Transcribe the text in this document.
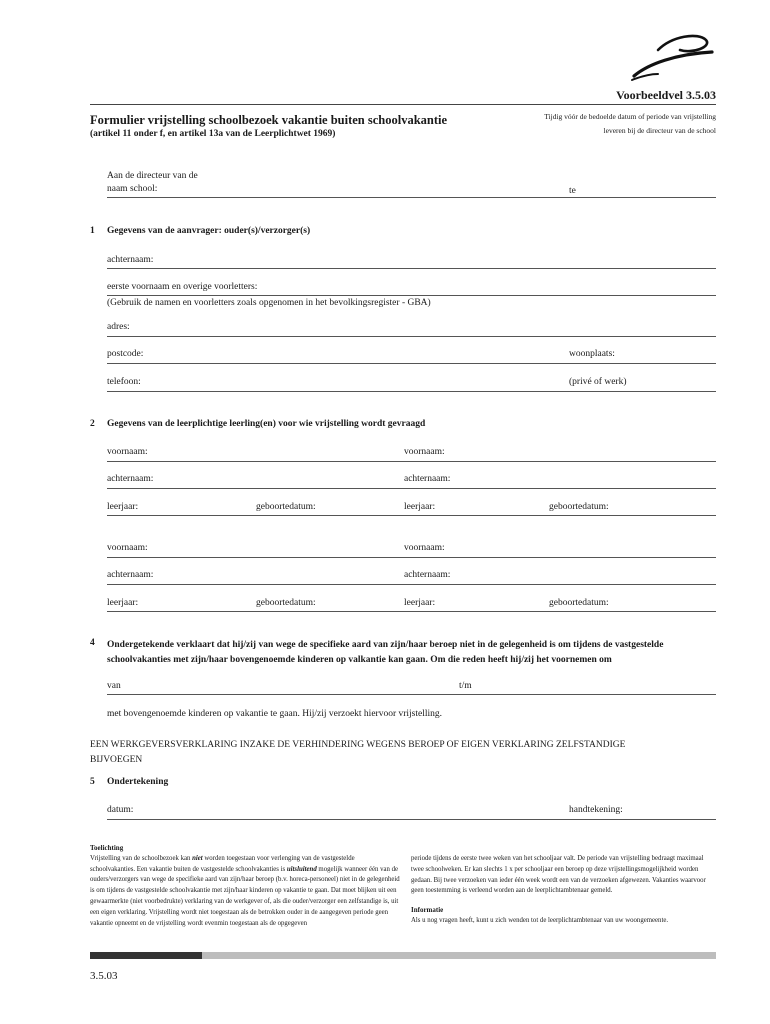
Voorbeeldvel 3.5.03
Formulier vrijstelling schoolbezoek vakantie buiten schoolvakantie
(artikel 11 onder f, en artikel 13a van de Leerplichtwet 1969)
Tijdig vóór de bedoelde datum of periode van vrijstelling
leveren bij de directeur van de school
Aan de directeur van de
naam school:	te
1 Gegevens van de aanvrager: ouder(s)/verzorger(s)
achternaam:
eerste voornaam en overige voorletters:
(Gebruik de namen en voorletters zoals opgenomen in het bevolkingsregister - GBA)
adres:
postcode:	woonplaats:
telefoon:	(privé of werk)
2 Gegevens van de leerplichtige leerling(en) voor wie vrijstelling wordt gevraagd
voornaam:	voornaam:
achternaam:	achternaam:
leerjaar:	geboortedatum:	leerjaar:	geboortedatum:
voornaam:	voornaam:
achternaam:	achternaam:
leerjaar:	geboortedatum:	leerjaar:	geboortedatum:
4 Ondergetekende verklaart dat hij/zij van wege de specifieke aard van zijn/haar beroep niet in de gelegenheid is om tijdens de vastgestelde schoolvakanties met zijn/haar bovengenoemde kinderen op valkantie kan gaan. Om die reden heeft hij/zij het voornemen om
van	t/m
met bovengenoemde kinderen op vakantie te gaan. Hij/zij verzoekt hiervoor vrijstelling.
EEN WERKGEVERSVERKLARING INZAKE DE VERHINDERING WEGENS BEROEP OF EIGEN VERKLARING ZELFSTANDIGE BIJVOEGEN
5 Ondertekening
datum:	handtekening:
Toelichting
Vrijstelling van de schoolbezoek kan niet worden toegestaan voor verlenging van de vastgestelde schoolvakanties. Een vakantie buiten de vastgestelde schoolvakanties is uitsluitend mogelijk wanneer één van de ouders/verzorgers van wege de specifieke aard van zijn/haar beroep (b.v. horeca-personeel) niet in de gelegenheid is om tijdens de vastgestelde schoolvakantie met zijn/haar kinderen op vakantie te gaan. Dat moet blijken uit een gewaarmerkte (niet voorbedrukte) verklaring van de werkgever of, als die ouder/verzorger een zelfstandige is, uit een eigen verklaring. Vrijstelling wordt niet toegestaan als de betrokken ouder in de aangegeven periode geen vakantie opneemt en de vrijstelling wordt evenmin toegestaan als de opgegeven
periode tijdens de eerste twee weken van het schooljaar valt. De periode van vrijstelling bedraagt maximaal twee schoolweken. Er kan slechts 1 x per schooljaar een beroep op deze vrijstellingsmogelijkheid worden gedaan. Bij twee verzoeken van ieder één week wordt een van de verzoeken afgewezen. Vakanties waarvoor geen toestemming is verleend worden aan de leerplichtambtenaar gemeld.
Informatie
Als u nog vragen heeft, kunt u zich wenden tot de leerplichtambtenaar van uw woongemeente.
3.5.03
